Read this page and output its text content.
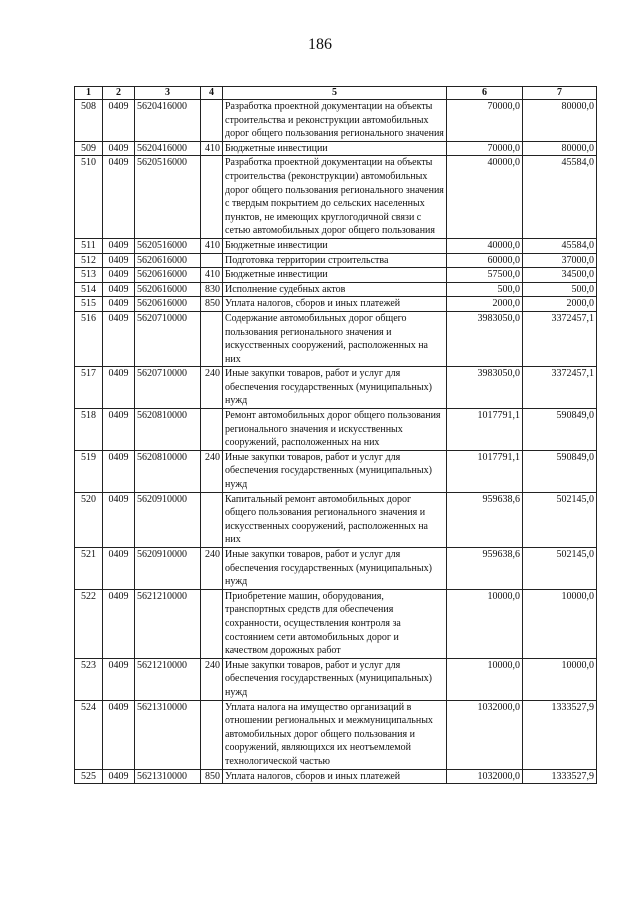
186
1	2	3	4	5	6	7
508	0409	5620416000		Разработка проектной документации на объекты строительства и реконструкции автомобильных дорог общего пользования регионального значения	70000,0	80000,0
509	0409	5620416000	410	Бюджетные инвестиции	70000,0	80000,0
510	0409	5620516000		Разработка проектной документации на объекты строительства (реконструкции) автомобильных дорог общего пользования регионального значения с твердым покрытием до сельских населенных пунктов, не имеющих круглогодичной связи с сетью автомобильных дорог общего пользования	40000,0	45584,0
511	0409	5620516000	410	Бюджетные инвестиции	40000,0	45584,0
512	0409	5620616000		Подготовка территории строительства	60000,0	37000,0
513	0409	5620616000	410	Бюджетные инвестиции	57500,0	34500,0
514	0409	5620616000	830	Исполнение судебных актов	500,0	500,0
515	0409	5620616000	850	Уплата налогов, сборов и иных платежей	2000,0	2000,0
516	0409	5620710000		Содержание автомобильных дорог общего пользования регионального значения и искусственных сооружений, расположенных на них	3983050,0	3372457,1
517	0409	5620710000	240	Иные закупки товаров, работ и услуг для обеспечения государственных (муниципальных) нужд	3983050,0	3372457,1
518	0409	5620810000		Ремонт автомобильных дорог общего пользования регионального значения и искусственных сооружений, расположенных на них	1017791,1	590849,0
519	0409	5620810000	240	Иные закупки товаров, работ и услуг для обеспечения государственных (муниципальных) нужд	1017791,1	590849,0
520	0409	5620910000		Капитальный ремонт автомобильных дорог общего пользования регионального значения и искусственных сооружений, расположенных на них	959638,6	502145,0
521	0409	5620910000	240	Иные закупки товаров, работ и услуг для обеспечения государственных (муниципальных) нужд	959638,6	502145,0
522	0409	5621210000		Приобретение машин, оборудования, транспортных средств для обеспечения сохранности, осуществления контроля за состоянием сети автомобильных дорог и качеством дорожных работ	10000,0	10000,0
523	0409	5621210000	240	Иные закупки товаров, работ и услуг для обеспечения государственных (муниципальных) нужд	10000,0	10000,0
524	0409	5621310000		Уплата налога на имущество организаций в отношении региональных и межмуниципальных автомобильных дорог общего пользования и сооружений, являющихся их неотъемлемой технологической частью	1032000,0	1333527,9
525	0409	5621310000	850	Уплата налогов, сборов и иных платежей	1032000,0	1333527,9
